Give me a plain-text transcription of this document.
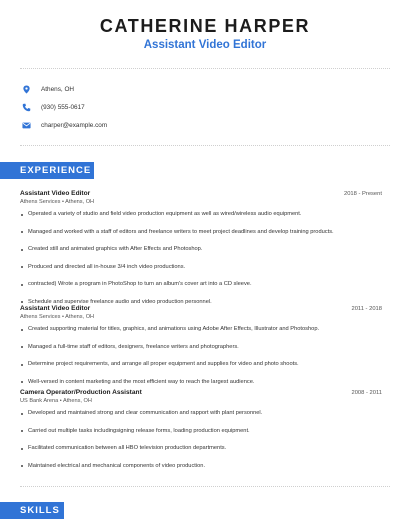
CATHERINE HARPER
Assistant Video Editor
Athens, OH
(930) 555-0617
charper@example.com
EXPERIENCE
Assistant Video Editor	2018 - Present
Athens Services • Athens, OH
Operated a variety of studio and field video production equipment as well as wired/wireless audio equipment.
Managed and worked with a staff of editors and freelance writers to meet project deadlines and develop training products.
Created still and animated graphics with After Effects and Photoshop.
Produced and directed all in-house 3/4 inch video productions.
contracted) Wrote a program in PhotoShop to turn an album's cover art into a CD sleeve.
Schedule and supervise freelance audio and video production personnel.
Assistant Video Editor	2011 - 2018
Athens Services • Athens, OH
Created supporting material for titles, graphics, and animations using Adobe After Effects, Illustrator and Photoshop.
Managed a full-time staff of editors, designers, freelance writers and photographers.
Determine project requirements, and arrange all proper equipment and supplies for video and photo shoots.
Well-versed in content marketing and the most efficient way to reach the largest audience.
Camera Operator/Production Assistant	2008 - 2011
US Bank Arena • Athens, OH
Developed and maintained strong and clear communication and rapport with plant personnel.
Carried out multiple tasks includingsigning release forms, loading production equipment.
Facilitated communication between all HBO television production departments.
Maintained electrical and mechanical components of video production.
SKILLS
